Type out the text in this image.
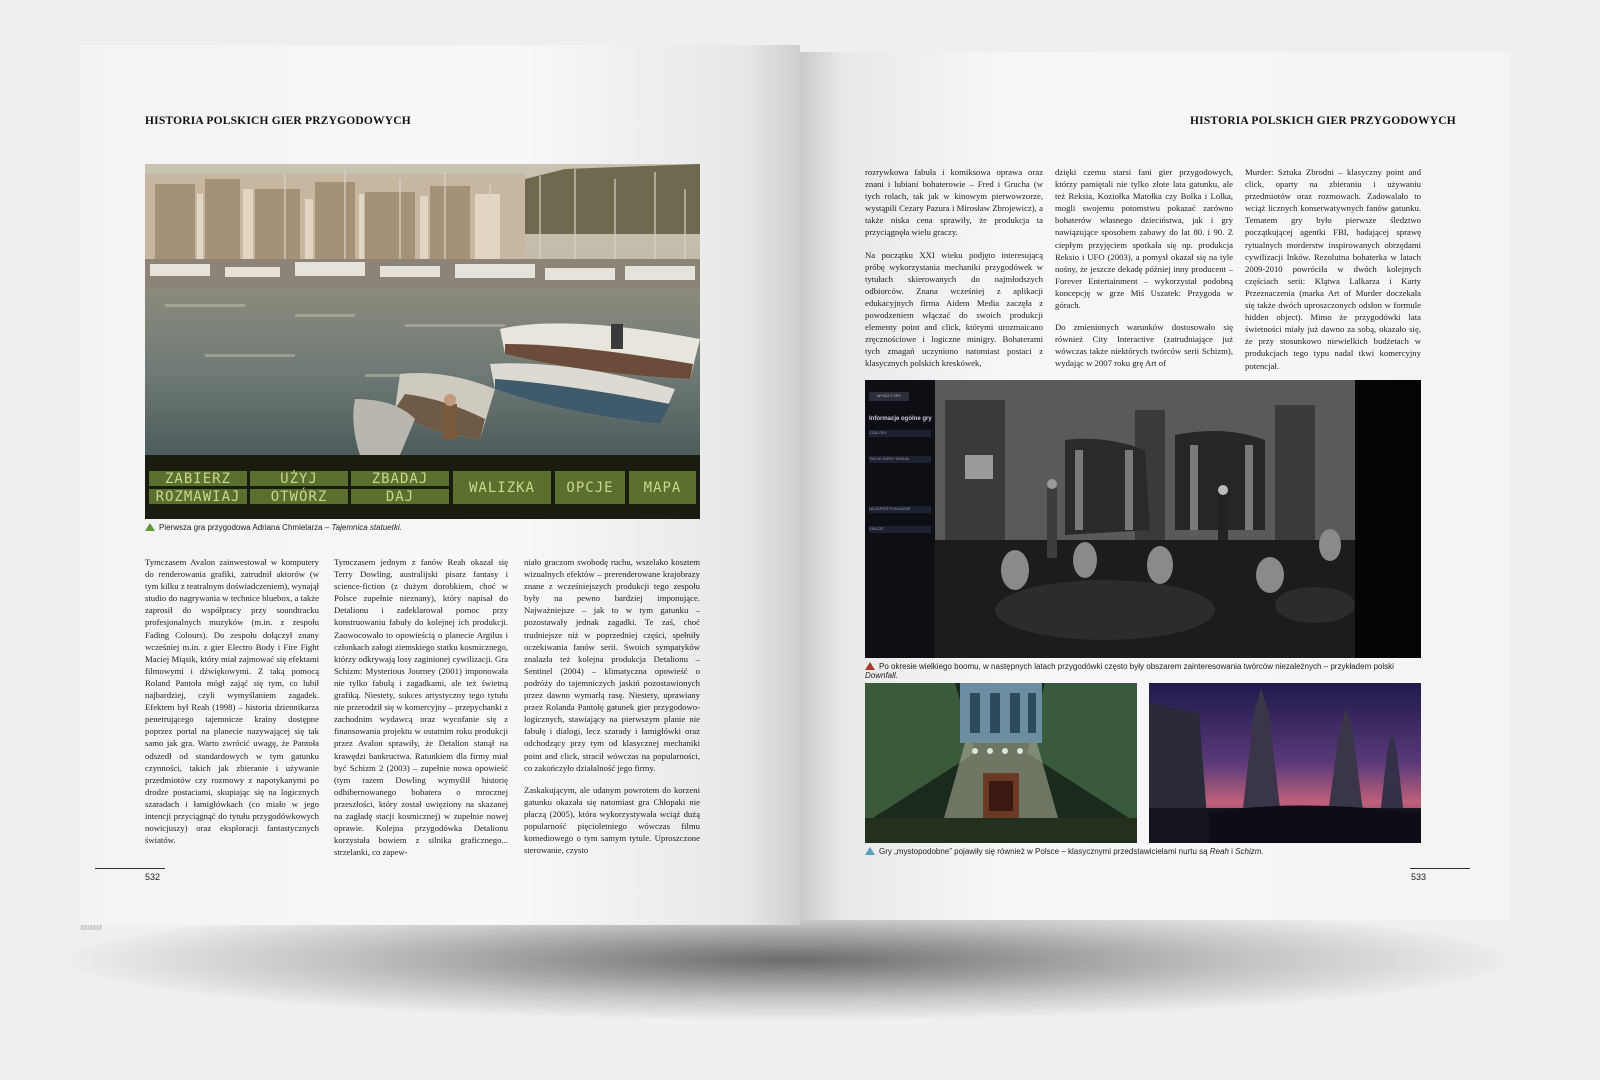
HISTORIA POLSKICH GIER PRZYGODOWYCH
ZABIERZ	UŻYJ	ZBADAJ
ROZMAWIAJ	OTWÓRZ	DAJ
WALIZKA	OPCJE	MAPA
Pierwsza gra przygodowa Adriana Chmielarza – Tajemnica statuetki.

Tymczasem Avalon zainwestował w komputery do renderowania grafiki, zatrudnił aktorów (w tym kilku z teatralnym doświadczeniem), wynajął studio do nagrywania w technice bluebox, a także zaprosił do współpracy przy soundtracku profesjonalnych muzyków (m.in. z zespołu Fading Colours). Do zespołu dołączył znany wcześniej m.in. z gier Electro Body i Fire Fight Maciej Miąsik, który miał zajmować się efektami filmowymi i dźwiękowymi. Z taką pomocą Roland Pantoła mógł zająć się tym, co lubił najbardziej, czyli wymyślaniem zagadek. Efektem był Reah (1998) – historia dziennikarza penetrującego tajemnicze krainy dostępne poprzez portal na planecie nazywającej się tak samo jak gra. Warto zwrócić uwagę, że Pantoła odszedł od standardowych w tym gatunku czynności, takich jak zbieranie i używanie przedmiotów czy rozmowy z napotykanymi po drodze postaciami, skupiając się na logicznych szaradach i łamigłówkach (co miało w jego intencji przyciągnąć do tytułu przygodówkowych nowicjuszy) oraz eksploracji fantastycznych światów.

Tymczasem jednym z fanów Reah okazał się Terry Dowling, australijski pisarz fantasy i science-fiction (z dużym dorobkiem, choć w Polsce zupełnie nieznany), który napisał do Detalionu i zadeklarował pomoc przy konstruowaniu fabuły do kolejnej ich produkcji. Zaowocowało to opowieścią o planecie Argilus i członkach załogi ziemskiego statku kosmicznego, którzy odkrywają losy zaginionej cywilizacji. Gra Schizm: Mysterious Journey (2001) imponowała nie tylko fabułą i zagadkami, ale też świetną grafiką. Niestety, sukces artystyczny tego tytułu nie przerodził się w komercyjny – przepychanki z zachodnim wydawcą oraz wycofanie się z finansowania projektu w ostatnim roku produkcji przez Avalon sprawiły, że Detalion stanął na krawędzi bankructwa. Ratunkiem dla firmy miał być Schizm 2 (2003) – zupełnie nowa opowieść (tym razem Dowling wymyślił historię odhibernowanego bohatera o mrocznej przeszłości, który został uwięziony na skazanej na zagładę stacji kosmicznej) w zupełnie nowej oprawie. Kolejna przygodówka Detalionu korzystała bowiem z silnika graficznego... strzelanki, co zapew-

niało graczom swobodę ruchu, wszelako kosztem wizualnych efektów – prerenderowane krajobrazy znane z wcześniejszych produkcji tego zespołu były na pewno bardziej imponujące. Najważniejsze – jak to w tym gatunku – pozostawały jednak zagadki. Te zaś, choć trudniejsze niż w poprzedniej części, spełniły oczekiwania fanów serii. Swoich sympatyków znalazła też kolejna produkcja Detalionu – Sentinel (2004) – klimatyczna opowieść o podróży do tajemniczych jaskiń pozostawionych przez dawno wymarłą rasę. Niestety, uprawiany przez Rolanda Pantołę gatunek gier przygodowo-logicznych, stawiający na pierwszym planie nie fabułę i dialogi, lecz szarady i łamigłówki oraz odchodzący przy tym od klasycznej mechaniki point and click, stracił wówczas na popularności, co zakończyło działalność jego firmy.

Zaskakującym, ale udanym powrotem do korzeni gatunku okazała się natomiast gra Chłopaki nie płaczą (2005), która wykorzystywała wciąż dużą popularność pięcioletniego wówczas filmu komediowego o tym samym tytule. Uproszczone sterowanie, czysto

532
HISTORIA POLSKICH GIER PRZYGODOWYCH

rozrywkowa fabuła i komiksowa oprawa oraz znani i lubiani bohaterowie – Fred i Grucha (w tych rolach, tak jak w kinowym pierwowzorze, wystąpili Cezary Pazura i Mirosław Zbrojewicz), a także niska cena sprawiły, że produkcja ta przyciągnęła wielu graczy.

Na początku XXI wieku podjęto interesującą próbę wykorzystania mechaniki przygodówek w tytułach skierowanych do najmłodszych odbiorców. Znana wcześniej z aplikacji edukacyjnych firma Aidem Media zaczęła z powodzeniem włączać do swoich produkcji elementy point and click, którymi urozmaicano zręcznościowe i logiczne minigry. Bohaterami tych zmagań uczyniono natomiast postaci z klasycznych polskich kreskówek,

dzięki czemu starsi fani gier przygodowych, którzy pamiętali nie tylko złote lata gatunku, ale też Reksia, Koziołka Matołka czy Bolka i Lolka, mogli swojemu potomstwu pokazać zarówno bohaterów własnego dzieciństwa, jak i gry nawiązujące sposobem zabawy do lat 80. i 90. Z ciepłym przyjęciem spotkała się np. produkcja Reksio i UFO (2003), a pomysł okazał się na tyle nośny, że jeszcze dekadę później inny producent – Forever Entertainment – wykorzystał podobną koncepcję w grze Miś Uszatek: Przygoda w górach.

Do zmienionych warunków dostosowało się również City Interactive (zatrudniające już wówczas także niektórych twórców serii Schizm), wydając w 2007 roku grę Art of

Murder: Sztuka Zbrodni – klasyczny point and click, oparty na zbieraniu i używaniu przedmiotów oraz rozmowach. Zadowalało to wciąż licznych konserwatywnych fanów gatunku. Tematem gry było pierwsze śledztwo początkującej agentki FBI, badającej sprawę rytualnych morderstw inspirowanych obrzędami cywilizacji Inków. Rezolutna bohaterka w latach 2009-2010 powróciła w dwóch kolejnych częściach serii: Klątwa Lalkarza i Karty Przeznaczenia (marka Art of Murder doczekała się także dwóch uproszczonych odsłon w formule hidden object). Mimo że przygodówki lata świetności miały już dawno za sobą, okazało się, że przy stosunkowo niewielkich budżetach w produkcjach tego typu nadal tkwi komercyjny potencjał.

WYJDŹ Z GRY
Informacje ogólne gry
CZAS GRY
TWOJE ZAPISY GRANIA
NAJLEPSZE POKAZANIE
GRACZE
Po okresie wielkiego boomu, w następnych latach przygodówki często były obszarem zainteresowania twórców niezależnych – przykładem polski Downfall.
Gry „mystopodobne” pojawiły się również w Polsce – klasycznymi przedstawicielami nurtu są Reah i Schizm.
533
